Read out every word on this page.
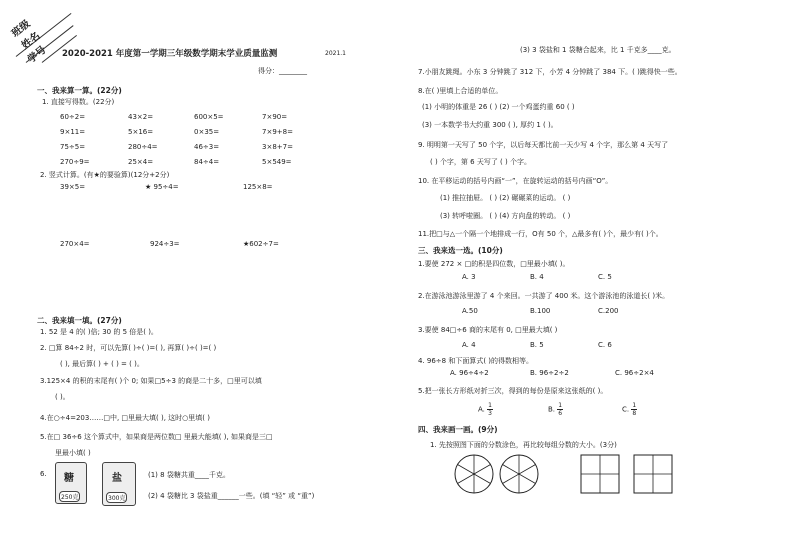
班级
姓名
学号 2020-2021 年度第一学期三年级数学期末学业质量监测	2021.1
得分：________
一、我来算一算。(22分)
1. 直接写得数。(22分)
60÷2=	43×2=	600×5=	7×90=
9×11=	5×16=	0×35=	7×9+8=
75÷5=	280÷4=	46÷3=	3×8+7=
270÷9=	25×4=	84÷4=	5×549=
2. 竖式计算。(有★的要验算)(12分+2分)
39×5=	★ 95÷4=	125×8=
270×4=	924÷3=	★602÷7=
二、我来填一填。(27分)
1. 52 是 4 的( )倍; 30 的 5 倍是( )。
2. □算 84÷2 时，可以先算( )÷( )=( ), 再算( )÷( )=( )
( ), 最后算( ) + ( ) = ( )。
3.125×4 的积的末尾有( )个 0; 如果□5÷3 的商是二十多，□里可以填
( )。
4.在○÷4=203……□中, □里最大填( ), 这时○里填( )
5.在□ 36÷6 这个算式中，如果商是两位数□ 里最大能填( ), 如果商是三□
里最小填( )
6. 糖
250克
盐
300克
(1) 8 袋糖共重____千克。
(2) 4 袋糖比 3 袋盐重______一些。(填 “轻” 或 “重”)
(3) 3 袋盐和 1 袋糖合起来，比 1 千克多____克。
7.小朋友跳绳。小东 3 分钟跳了 312 下，小芳 4 分钟跳了 384 下。( )跳得快一些。
8.在( )里填上合适的单位。
(1) 小明的体重是 26 ( ) (2) 一个鸡蛋约重 60 ( )
(3) 一本数学书大约重 300 ( ), 厚约 1 ( )。
9. 明明第一天写了 50 个字，以后每天都比前一天少写 4 个字，那么第 4 天写了
( ) 个字，第 6 天写了 ( ) 个字。
10. 在平移运动的括号内画“一”，在旋转运动的括号内画“O”。
(1) 推拉抽屉。 ( ) (2) 碾碾菜的运动。 ( )
(3) 转呼啦圈。 ( ) (4) 方向盘的转动。 ( )
11.把□与△一个隔一个地排成一行，O有 50 个，△最多有( )个，最少有( )个。
三、我来选一选。(10分)
1.要使 272 × □的积是四位数，□里最小填( )。
A. 3	B. 4	C. 5
2.在游泳池游泳里游了 4 个来回。一共游了 400 米。这个游泳池的泳道长( )米。
A.50	B.100	C.200
3.要使 84□÷6 商的末尾有 0, □里最大填( )
A. 4	B. 5	C. 6
4. 96÷8 和下面算式( )的得数相等。
A. 96÷4÷2	B. 96÷2÷2	C. 96÷2×4
5.把一张长方形纸对折三次，得到的每份是原来这张纸的( )。
A. $\frac{1}{3}$	B. $\frac{1}{6}$	C. $\frac{1}{8}$
四、我来画一画。(9分)
1. 先按照图下面的分数涂色，再比较每组分数的大小。(3分)
